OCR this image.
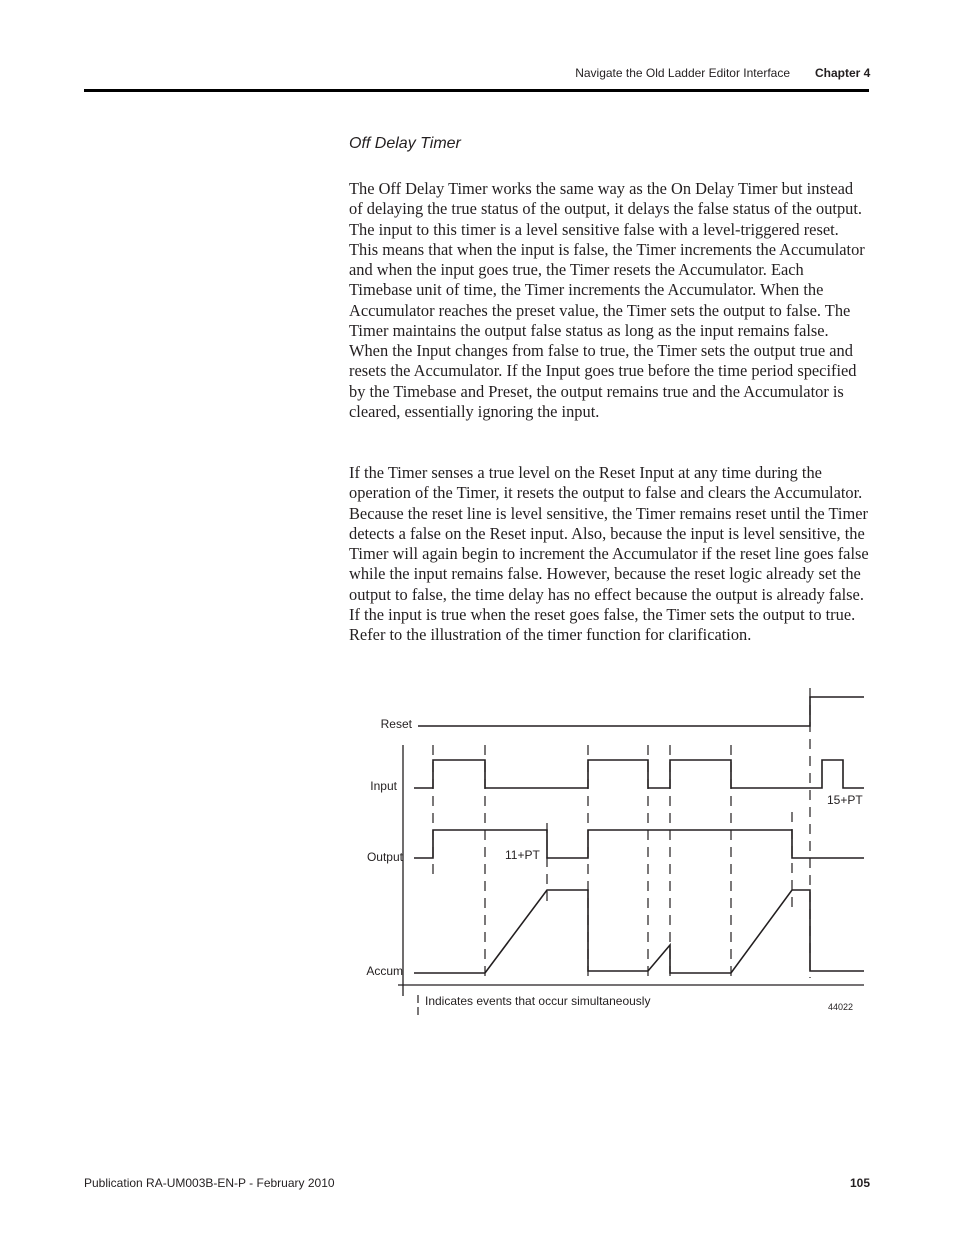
Navigate the Old Ladder Editor Interface Chapter 4
Off Delay Timer

The Off Delay Timer works the same way as the On Delay Timer but instead of delaying the true status of the output, it delays the false status of the output. The input to this timer is a level sensitive false with a level-triggered reset. This means that when the input is false, the Timer increments the Accumulator and when the input goes true, the Timer resets the Accumulator. Each Timebase unit of time, the Timer increments the Accumulator. When the Accumulator reaches the preset value, the Timer sets the output to false. The Timer maintains the output false status as long as the input remains false. When the Input changes from false to true, the Timer sets the output true and resets the Accumulator. If the Input goes true before the time period specified by the Timebase and Preset, the output remains true and the Accumulator is cleared, essentially ignoring the input.

If the Timer senses a true level on the Reset Input at any time during the operation of the Timer, it resets the output to false and clears the Accumulator. Because the reset line is level sensitive, the Timer remains reset until the Timer detects a false on the Reset input. Also, because the input is level sensitive, the Timer will again begin to increment the Accumulator if the reset line goes false while the input remains false. However, because the reset logic already set the output to false, the time delay has no effect because the output is already false. If the input is true when the reset goes false, the Timer sets the output to true. Refer to the illustration of the timer function for clarification.

Reset
Input
Output
Accum
11+PT
15+PT
Indicates events that occur simultaneously	44022
Publication RA-UM003B-EN-P - February 2010	105
